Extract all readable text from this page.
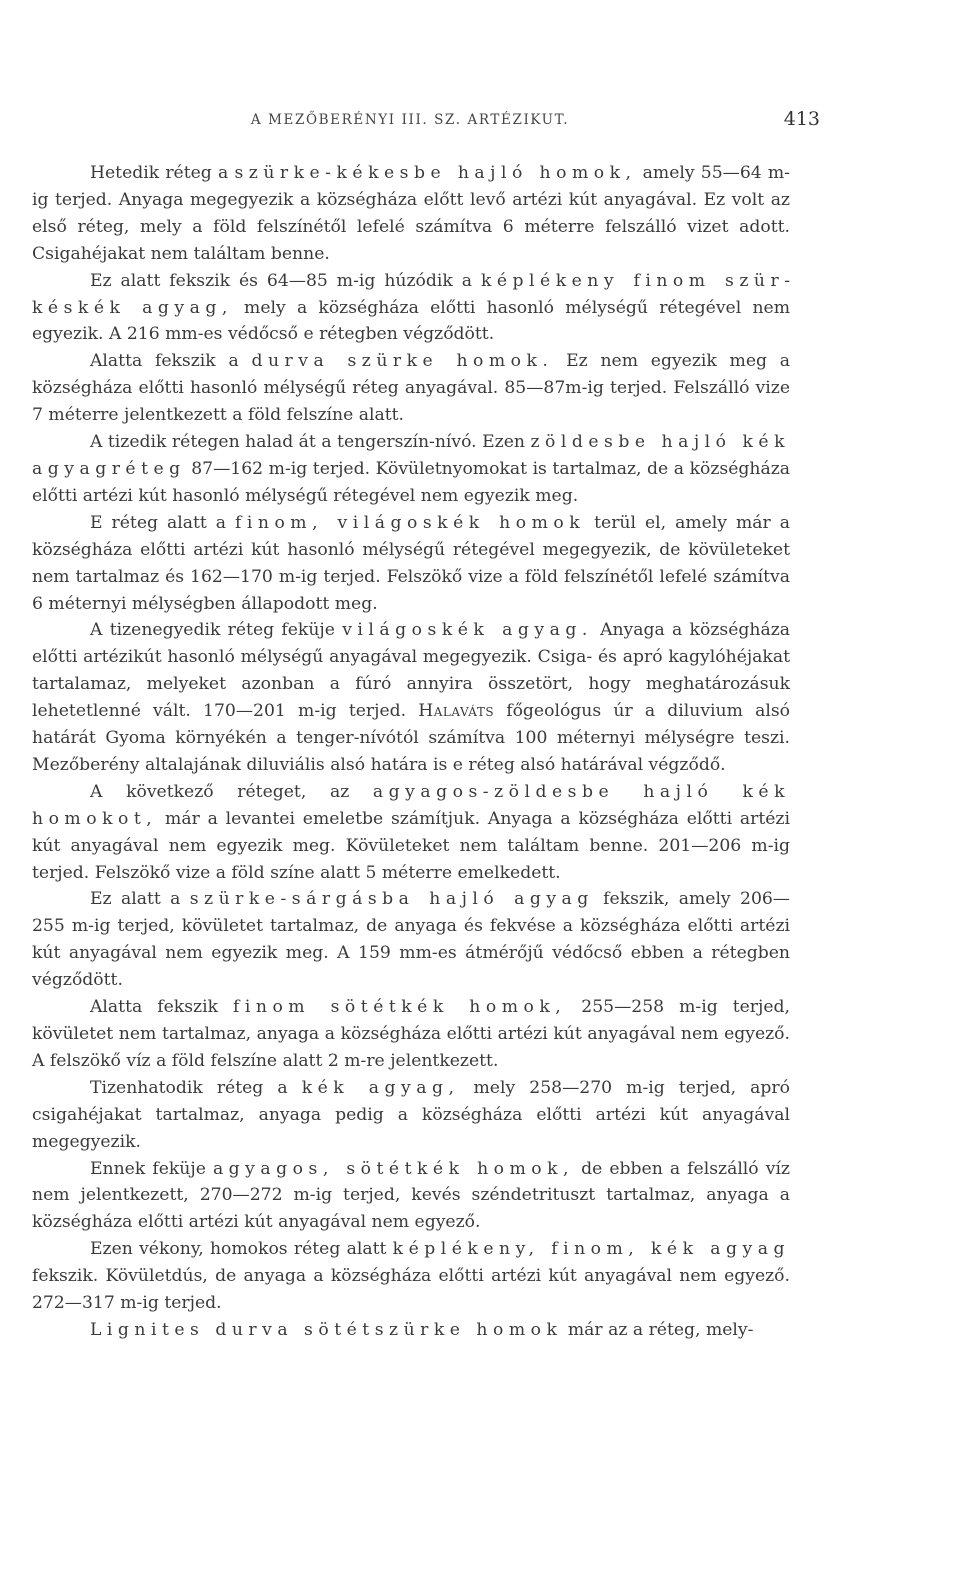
A MEZŐBERÉNYI III. SZ. ARTÉZIKUT.	413

Hetedik réteg a szürke-kékesbe hajló homok, amely 55—64 m-ig terjed. Anyaga megegyezik a községháza előtt levő artézi kút anyagával. Ez volt az első réteg, mely a föld felszínétől lefelé számítva 6 méterre felszálló vizet adott. Csigahéjakat nem találtam benne.

Ez alatt fekszik és 64—85 m-ig húzódik a képlékeny finom szürkéskék agyag, mely a községháza előtti hasonló mélységű rétegével nem egyezik. A 216 mm-es védőcső e rétegben végződött.

Alatta fekszik a durva szürke homok. Ez nem egyezik meg a községháza előtti hasonló mélységű réteg anyagával. 85—87m-ig terjed. Felszálló vize 7 méterre jelentkezett a föld felszíne alatt.

A tizedik rétegen halad át a tengerszín-nívó. Ezen zöldesbe hajló kék agyagréteg 87—162 m-ig terjed. Kövületnyomokat is tartalmaz, de a községháza előtti artézi kút hasonló mélységű rétegével nem egyezik meg.

E réteg alatt a finom, világoskék homok terül el, amely már a községháza előtti artézi kút hasonló mélységű rétegével megegyezik, de kövületeket nem tartalmaz és 162—170 m-ig terjed. Felszökő vize a föld felszínétől lefelé számítva 6 méternyi mélységben állapodott meg.

A tizenegyedik réteg feküje világoskék agyag. Anyaga a községháza előtti artézikút hasonló mélységű anyagával megegyezik. Csiga- és apró kagylóhéjakat tartalamaz, melyeket azonban a fúró annyira összetört, hogy meghatározásuk lehetetlenné vált. 170—201 m-ig terjed. Halaváts főgeológus úr a diluvium alsó határát Gyoma környékén a tenger-nívótól számítva 100 méternyi mélységre teszi. Mezőberény altalajának diluviális alsó határa is e réteg alsó határával végződő.

A következő réteget, az agyagos-zöldesbe hajló kék homokot, már a levantei emeletbe számítjuk. Anyaga a községháza előtti artézi kút anyagával nem egyezik meg. Kövületeket nem találtam benne. 201—206 m-ig terjed. Felszökő vize a föld színe alatt 5 méterre emelkedett.

Ez alatt a szürke-sárgásba hajló agyag fekszik, amely 206—255 m-ig terjed, kövületet tartalmaz, de anyaga és fekvése a községháza előtti artézi kút anyagával nem egyezik meg. A 159 mm-es átmérőjű védőcső ebben a rétegben végződött.

Alatta fekszik finom sötétkék homok, 255—258 m-ig terjed, kövületet nem tartalmaz, anyaga a községháza előtti artézi kút anyagával nem egyező. A felszökő víz a föld felszíne alatt 2 m-re jelentkezett.

Tizenhatodik réteg a kék agyag, mely 258—270 m-ig terjed, apró csigahéjakat tartalmaz, anyaga pedig a községháza előtti artézi kút anyagával megegyezik.

Ennek feküje agyagos, sötétkék homok, de ebben a felszálló víz nem jelentkezett, 270—272 m-ig terjed, kevés széndetrituszt tartalmaz, anyaga a községháza előtti artézi kút anyagával nem egyező.

Ezen vékony, homokos réteg alatt képlékeny, finom, kék agyag fekszik. Kövületdús, de anyaga a községháza előtti artézi kút anyagával nem egyező. 272—317 m-ig terjed.

Lignites durva sötétszürke homok már az a réteg, mely-
